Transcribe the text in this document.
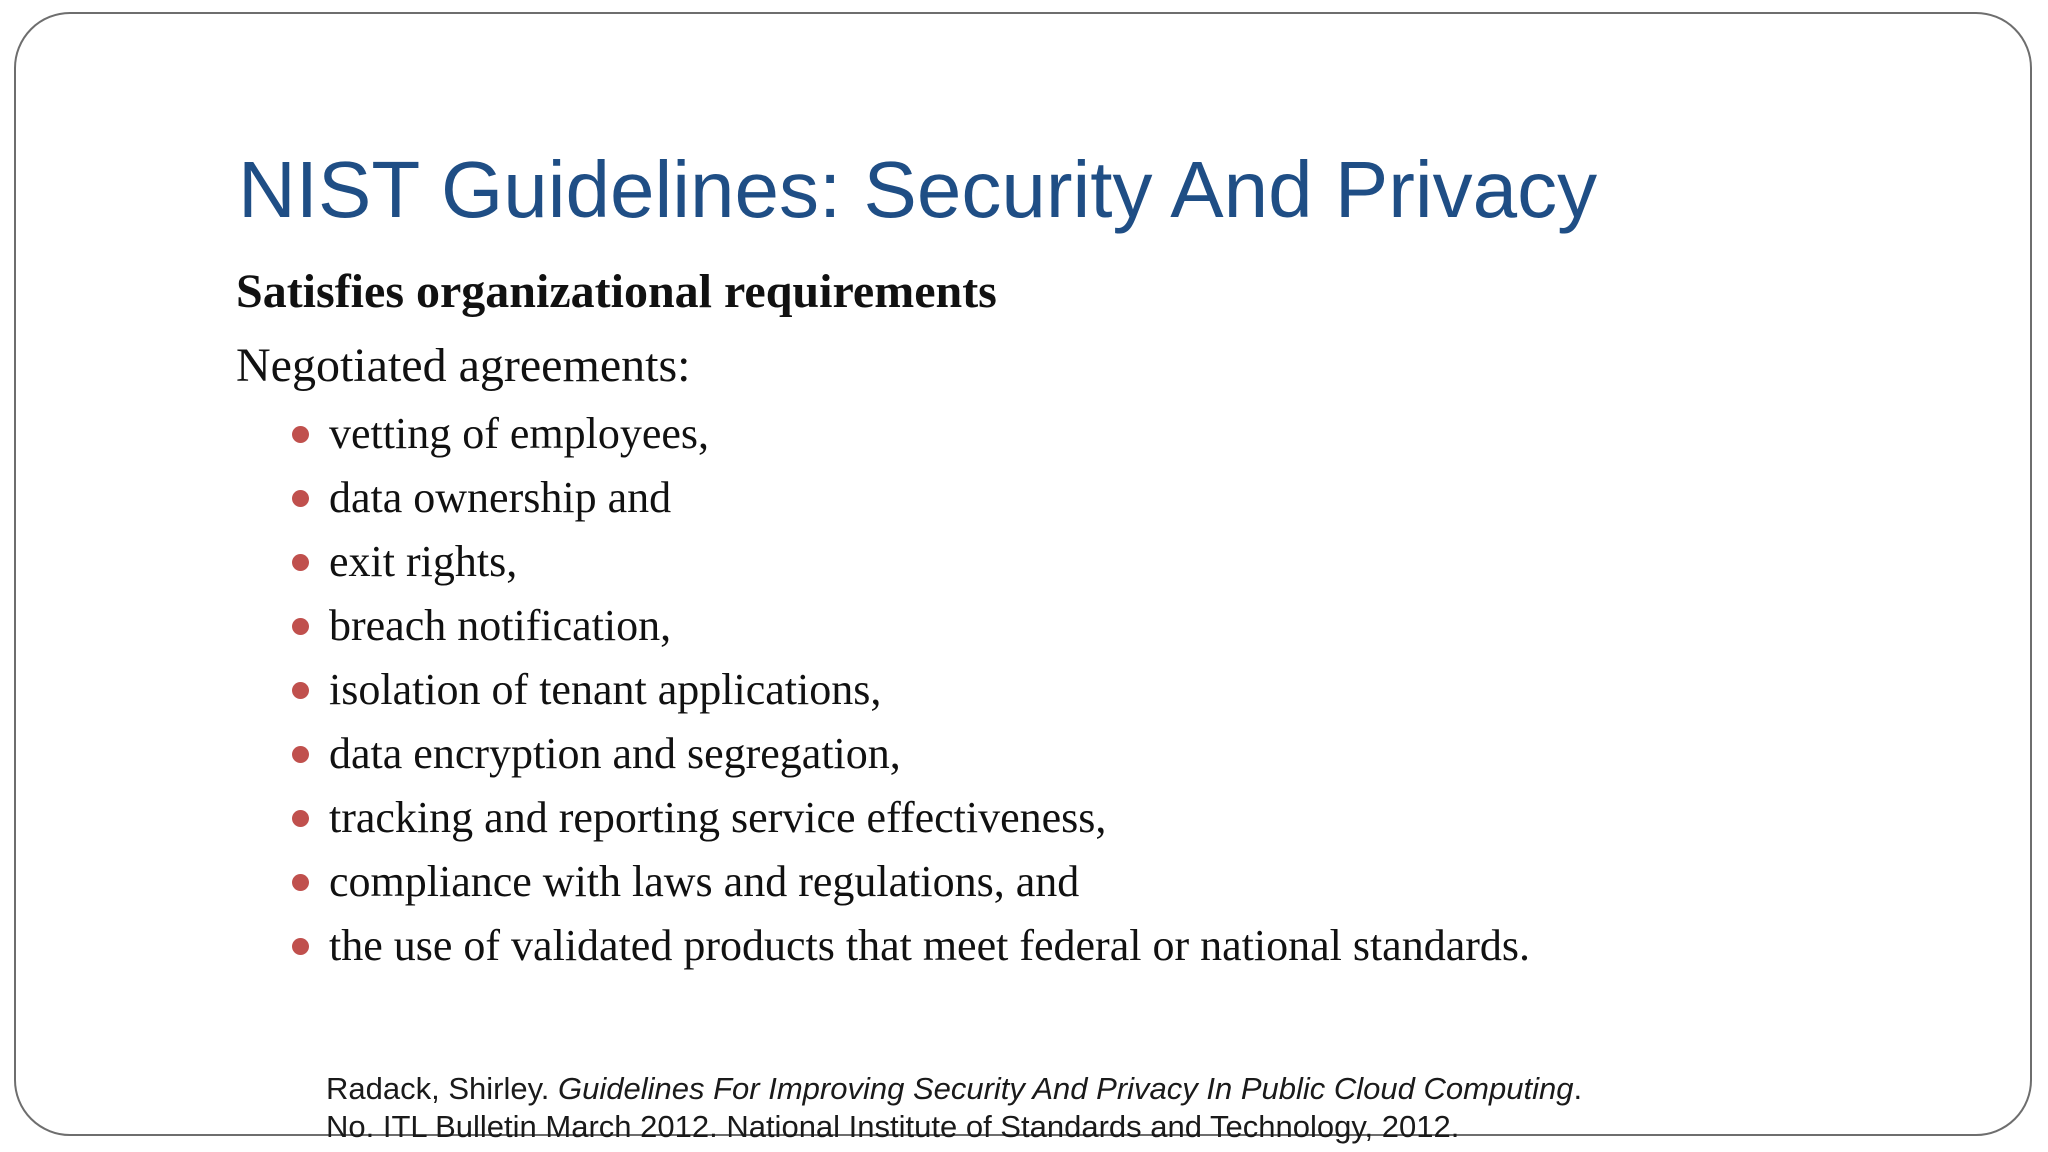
NIST Guidelines: Security And Privacy
Satisfies organizational requirements

Negotiated agreements:

vetting of employees,
data ownership and
exit rights,
breach notification,
isolation of tenant applications,
data encryption and segregation,
tracking and reporting service effectiveness,
compliance with laws and regulations, and
the use of validated products that meet federal or national standards.
Radack, Shirley. Guidelines For Improving Security And Privacy In Public Cloud Computing.
No. ITL Bulletin March 2012. National Institute of Standards and Technology, 2012.
